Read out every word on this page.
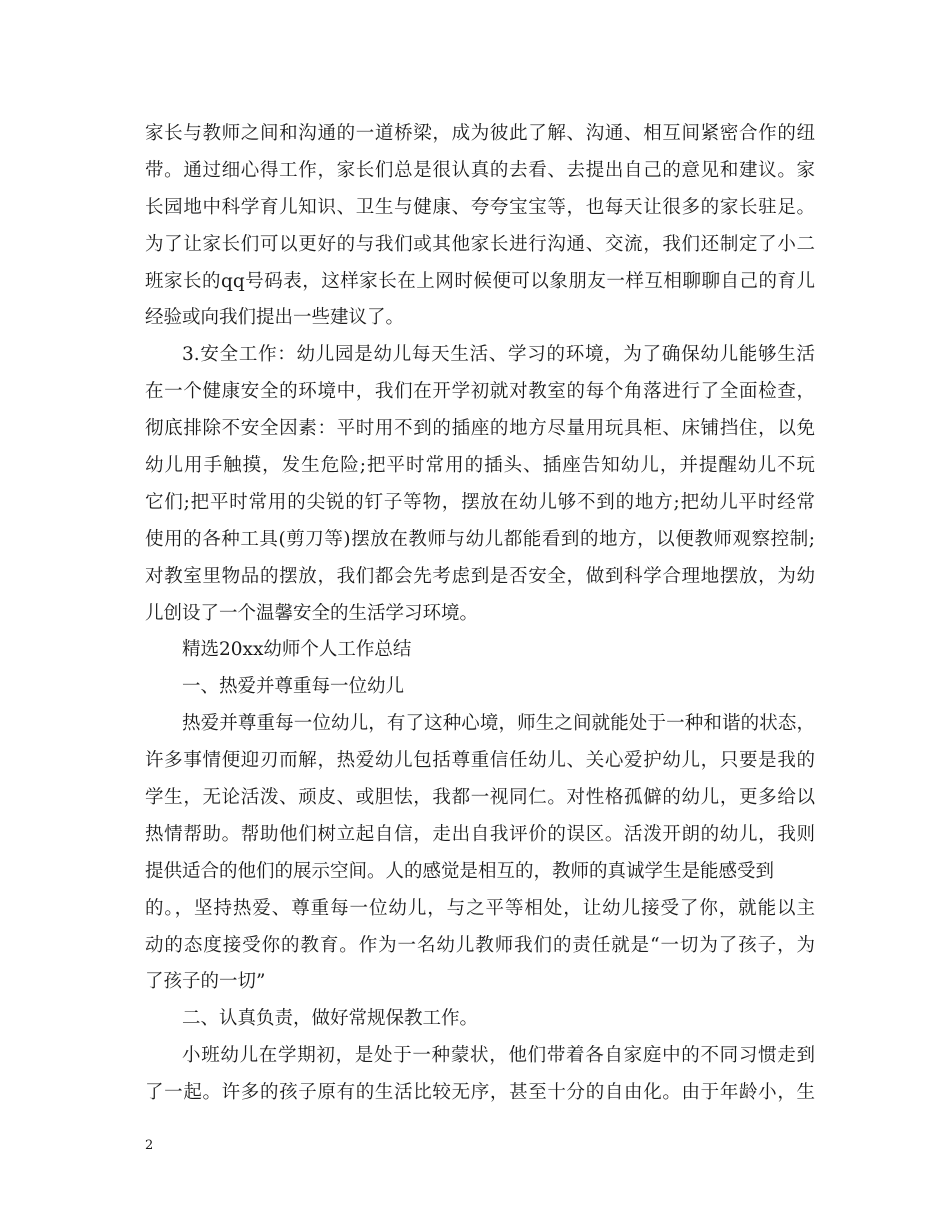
家长与教师之间和沟通的一道桥梁，成为彼此了解、沟通、相互间紧密合作的纽
带。通过细心得工作，家长们总是很认真的去看、去提出自己的意见和建议。家
长园地中科学育儿知识、卫生与健康、夸夸宝宝等，也每天让很多的家长驻足。
为了让家长们可以更好的与我们或其他家长进行沟通、交流，我们还制定了小二
班家长的qq号码表，这样家长在上网时候便可以象朋友一样互相聊聊自己的育儿
经验或向我们提出一些建议了。
3.安全工作：幼儿园是幼儿每天生活、学习的环境，为了确保幼儿能够生活
在一个健康安全的环境中，我们在开学初就对教室的每个角落进行了全面检查，
彻底排除不安全因素：平时用不到的插座的地方尽量用玩具柜、床铺挡住，以免
幼儿用手触摸，发生危险;把平时常用的插头、插座告知幼儿，并提醒幼儿不玩
它们;把平时常用的尖锐的钉子等物，摆放在幼儿够不到的地方;把幼儿平时经常
使用的各种工具(剪刀等)摆放在教师与幼儿都能看到的地方，以便教师观察控制;
对教室里物品的摆放，我们都会先考虑到是否安全，做到科学合理地摆放，为幼
儿创设了一个温馨安全的生活学习环境。
精选20xx幼师个人工作总结
一、热爱并尊重每一位幼儿
热爱并尊重每一位幼儿，有了这种心境，师生之间就能处于一种和谐的状态，
许多事情便迎刃而解，热爱幼儿包括尊重信任幼儿、关心爱护幼儿，只要是我的
学生，无论活泼、顽皮、或胆怯，我都一视同仁。对性格孤僻的幼儿，更多给以
热情帮助。帮助他们树立起自信，走出自我评价的误区。活泼开朗的幼儿，我则
提供适合的他们的展示空间。人的感觉是相互的，教师的真诚学生是能感受到
的。，坚持热爱、尊重每一位幼儿，与之平等相处，让幼儿接受了你，就能以主
动的态度接受你的教育。作为一名幼儿教师我们的责任就是“一切为了孩子，为
了孩子的一切”
二、认真负责，做好常规保教工作。
小班幼儿在学期初，是处于一种蒙状，他们带着各自家庭中的不同习惯走到
了一起。许多的孩子原有的生活比较无序，甚至十分的自由化。由于年龄小，生
2
